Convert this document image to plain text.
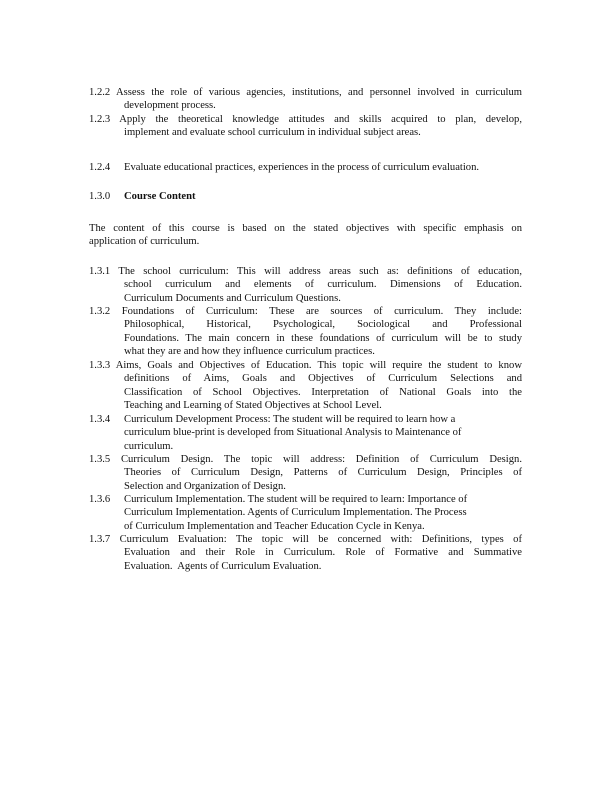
1.2.2 Assess the role of various agencies, institutions, and personnel involved in curriculum
development process.
1.2.3 Apply the theoretical knowledge attitudes and skills acquired to plan, develop,
implement and evaluate school curriculum in individual subject areas.
1.2.4 Evaluate educational practices, experiences in the process of curriculum evaluation.
1.3.0 Course Content
The content of this course is based on the stated objectives with specific emphasis on
application of curriculum.
1.3.1 The school curriculum: This will address areas such as: definitions of education,
school curriculum and elements of curriculum. Dimensions of Education.
Curriculum Documents and Curriculum Questions.
1.3.2 Foundations of Curriculum: These are sources of curriculum. They include:
Philosophical, Historical, Psychological, Sociological and Professional
Foundations. The main concern in these foundations of curriculum will be to study
what they are and how they influence curriculum practices.
1.3.3 Aims, Goals and Objectives of Education. This topic will require the student to know
definitions of Aims, Goals and Objectives of Curriculum Selections and
Classification of School Objectives. Interpretation of National Goals into the
Teaching and Learning of Stated Objectives at School Level.
1.3.4 Curriculum Development Process: The student will be required to learn how a
curriculum blue-print is developed from Situational Analysis to Maintenance of
curriculum.
1.3.5 Curriculum Design. The topic will address: Definition of Curriculum Design.
Theories of Curriculum Design, Patterns of Curriculum Design, Principles of
Selection and Organization of Design.
1.3.6 Curriculum Implementation. The student will be required to learn: Importance of
Curriculum Implementation. Agents of Curriculum Implementation. The Process
of Curriculum Implementation and Teacher Education Cycle in Kenya.
1.3.7 Curriculum Evaluation: The topic will be concerned with: Definitions, types of
Evaluation and their Role in Curriculum. Role of Formative and Summative
Evaluation.  Agents of Curriculum Evaluation.
